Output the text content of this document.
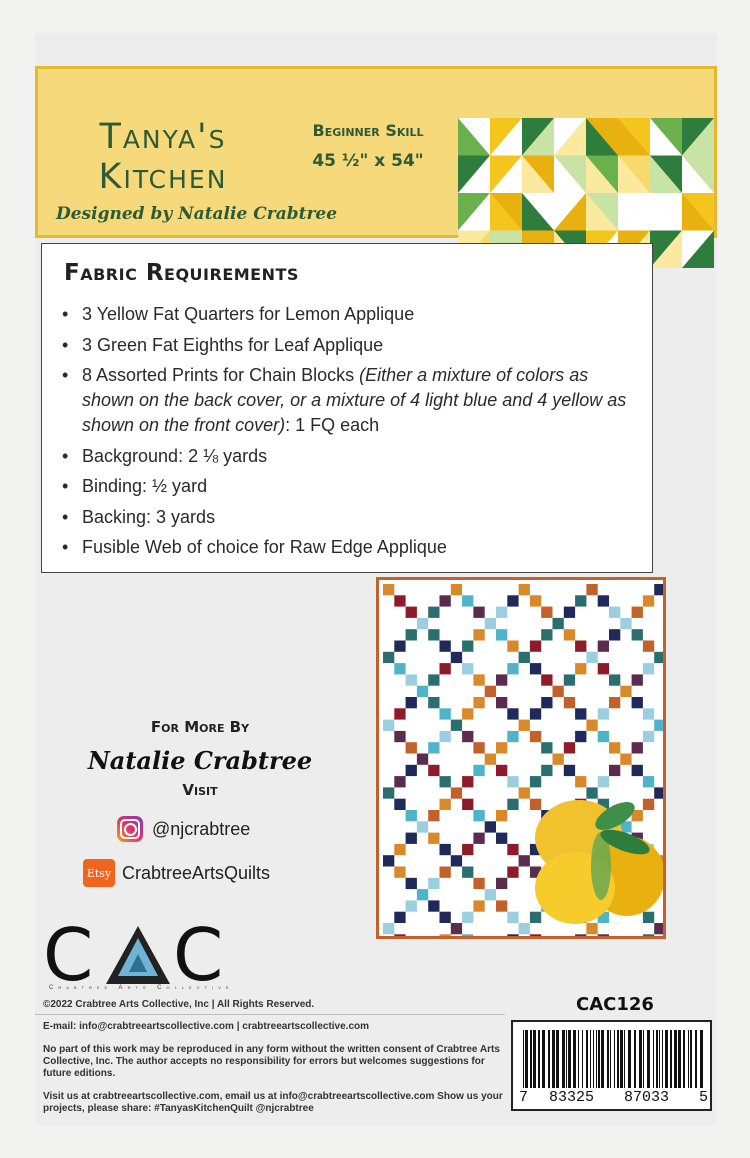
Tanya's
Kitchen
Designed by Natalie Crabtree
Beginner Skill
45 ½" x 54"
Fabric Requirements
• 3 Yellow Fat Quarters for Lemon Applique
• 3 Green Fat Eighths for Leaf Applique
• 8 Assorted Prints for Chain Blocks (Either a mixture of colors as shown on the back cover, or a mixture of 4 light blue and 4 yellow as shown on the front cover): 1 FQ each
• Background: 2 ⅛ yards
• Binding: ½ yard
• Backing: 3 yards
• Fusible Web of choice for Raw Edge Applique
For More By
Natalie Crabtree
Visit
@njcrabtree
Etsy CrabtreeArtsQuilts
C C
Crabtree Arts Collective
©2022 Crabtree Arts Collective, Inc | All Rights Reserved.
E-mail: info@crabtreeartscollective.com | crabtreeartscollective.com
No part of this work may be reproduced in any form without the written consent of Crabtree Arts Collective, Inc. The author accepts no responsibility for errors but welcomes suggestions for future editions.
Visit us at crabtreeartscollective.com, email us at info@crabtreeartscollective.com Show us your projects, please share: #TanyasKitchenQuilt @njcrabtree
CAC126
7 83325 87033 5
